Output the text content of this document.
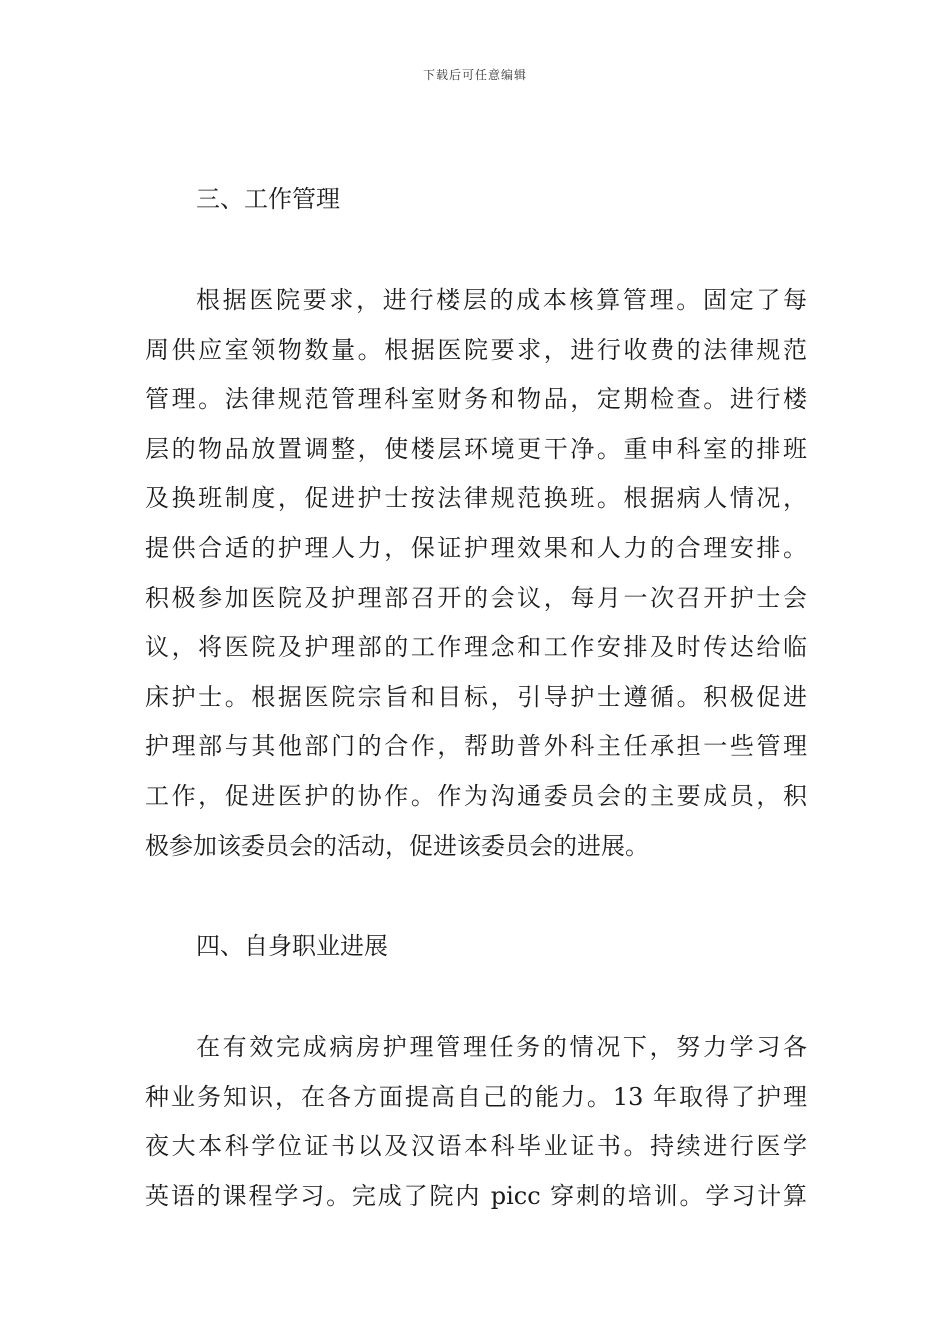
下载后可任意编辑
三、工作管理
根据医院要求，进行楼层的成本核算管理。固定了每
周供应室领物数量。根据医院要求，进行收费的法律规范
管理。法律规范管理科室财务和物品，定期检查。进行楼
层的物品放置调整，使楼层环境更干净。重申科室的排班
及换班制度，促进护士按法律规范换班。根据病人情况，
提供合适的护理人力，保证护理效果和人力的合理安排。
积极参加医院及护理部召开的会议，每月一次召开护士会
议，将医院及护理部的工作理念和工作安排及时传达给临
床护士。根据医院宗旨和目标，引导护士遵循。积极促进
护理部与其他部门的合作，帮助普外科主任承担一些管理
工作，促进医护的协作。作为沟通委员会的主要成员，积
极参加该委员会的活动，促进该委员会的进展。
四、自身职业进展
在有效完成病房护理管理任务的情况下，努力学习各
种业务知识，在各方面提高自己的能力。13 年取得了护理
夜大本科学位证书以及汉语本科毕业证书。持续进行医学
英语的课程学习。完成了院内 picc 穿刺的培训。学习计算
